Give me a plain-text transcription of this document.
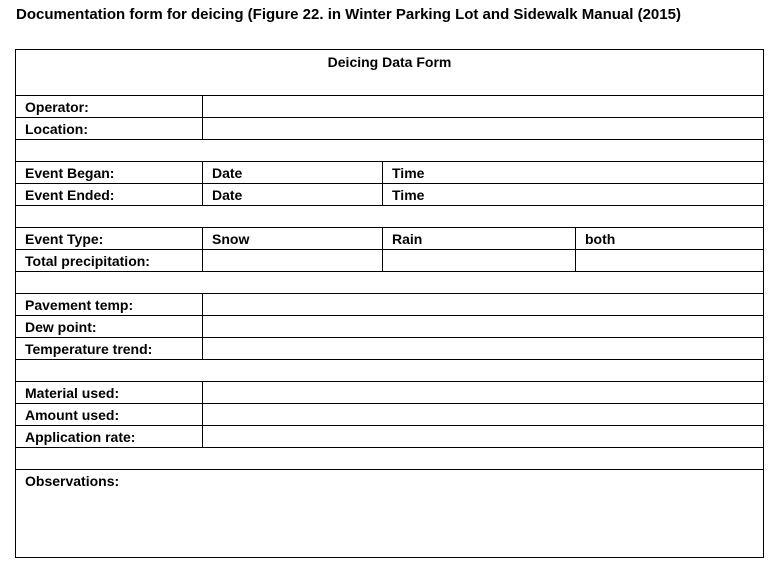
Documentation form for deicing (Figure 22. in Winter Parking Lot and Sidewalk Manual (2015)
Deicing Data Form			
Operator:			
Location:			

Event Began:	Date	Time	
Event Ended:	Date	Time	

Event Type:	Snow	Rain	both
Total precipitation:			

Pavement temp:			
Dew point:			
Temperature trend:			

Material used:			
Amount used:			
Application rate:			

Observations:			
